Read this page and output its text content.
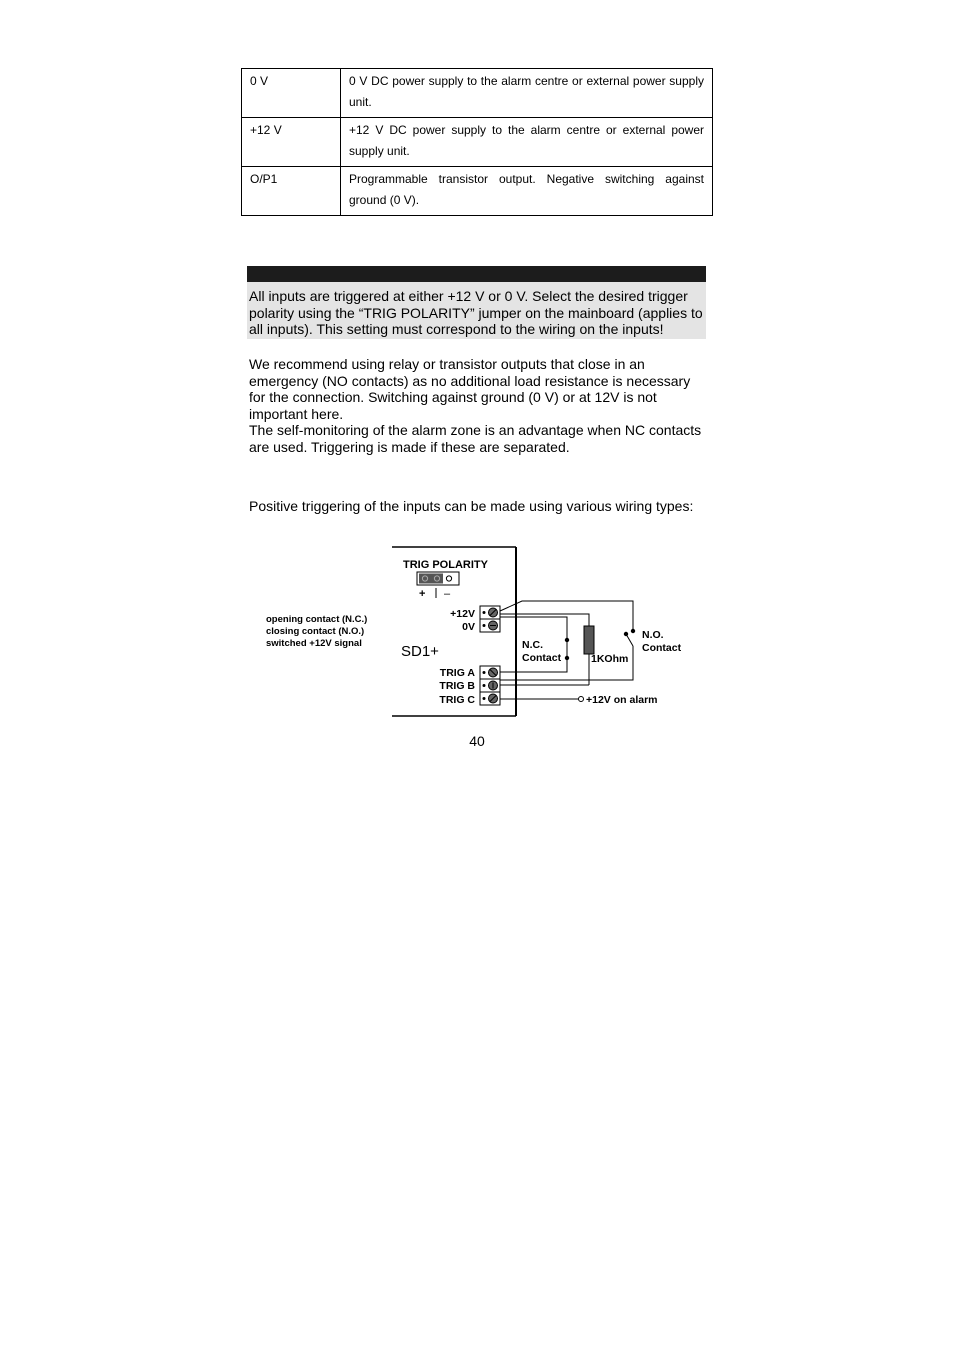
0 V	0 V DC power supply to the alarm centre or external power supply unit.
+12 V	+12 V DC power supply to the alarm centre or external power supply unit.
O/P1	Programmable transistor output. Negative switching against ground (0 V).
All inputs are triggered at either +12 V or 0 V. Select the desired trigger polarity using the “TRIG POLARITY” jumper on the mainboard (applies to all inputs). This setting must correspond to the wiring on the inputs!

We recommend using relay or transistor outputs that close in an emergency (NO contacts) as no additional load resistance is necessary for the connection. Switching against ground (0 V) or at 12V is not important here.

The self-monitoring of the alarm zone is an advantage when NC contacts are used. Triggering is made if these are separated.

Positive triggering of the inputs can be made using various wiring types:

TRIG POLARITY
+ –
opening contact (N.C.)
closing contact (N.O.)
switched +12V signal	SD1+
+12V
0V
TRIG A
TRIG B
TRIG C
N.C.
Contact	1KOhm
N.O.
Contact
+12V on alarm
40
